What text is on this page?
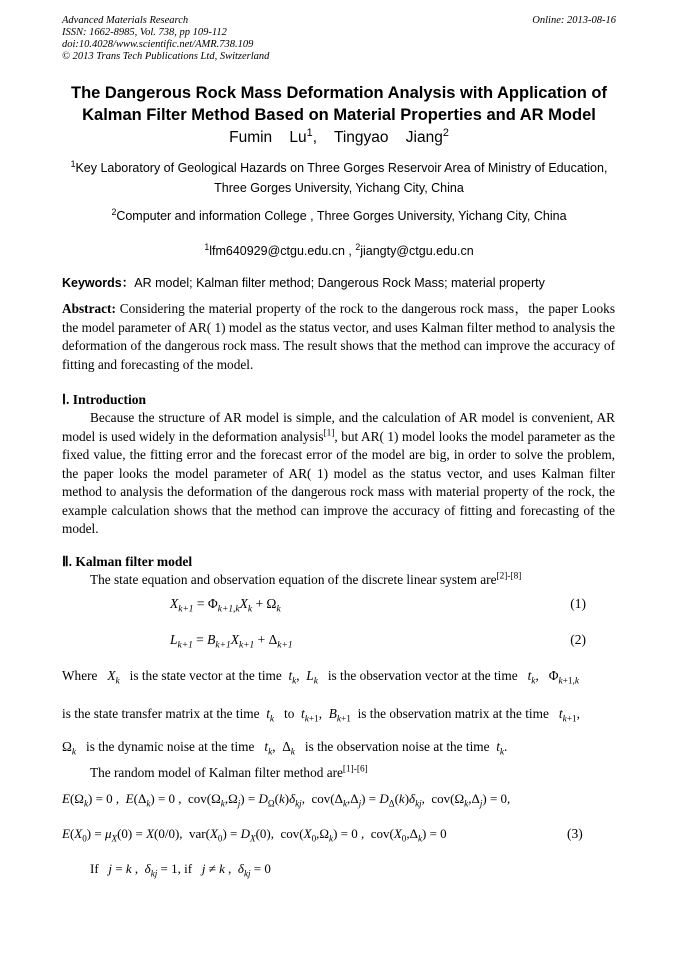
Advanced Materials Research
ISSN: 1662-8985, Vol. 738, pp 109-112
doi:10.4028/www.scientific.net/AMR.738.109
© 2013 Trans Tech Publications Ltd, Switzerland
Online: 2013-08-16
The Dangerous Rock Mass Deformation Analysis with Application of
Kalman Filter Method Based on Material Properties and AR Model
Fumin Lu$^1$, Tingyao Jiang$^2$
$^1$Key Laboratory of Geological Hazards on Three Gorges Reservoir Area of Ministry of Education,
Three Gorges University, Yichang City, China
$^2$Computer and information College , Three Gorges University, Yichang City, China
$^1$lfm640929@ctgu.edu.cn , $^2$jiangty@ctgu.edu.cn
Keywords：AR model; Kalman filter method; Dangerous Rock Mass; material property
Abstract: Considering the material property of the rock to the dangerous rock mass，the paper Looks the model parameter of AR( 1) model as the status vector, and uses Kalman filter method to analysis the deformation of the dangerous rock mass. The result shows that the method can improve the accuracy of fitting and forecasting of the model.
Ⅰ. Introduction
Because the structure of AR model is simple, and the calculation of AR model is convenient, AR model is used widely in the deformation analysis[1], but AR( 1) model looks the model parameter as the fixed value, the fitting error and the forecast error of the model are big, in order to solve the problem, the paper looks the model parameter of AR( 1) model as the status vector, and uses Kalman filter method to analysis the deformation of the dangerous rock mass with material property of the rock, the example calculation shows that the method can improve the accuracy of fitting and forecasting of the model.
Ⅱ. Kalman filter model
The state equation and observation equation of the discrete linear system are[2]-[8]
$X_{k+1} = \Phi_{k+1,k}X_k + \Omega_k$	(1)
$L_{k+1} = B_{k+1}X_{k+1} + \Delta_{k+1}$	(2)
Where $X_k$ is the state vector at the time $t_k$,  $L_k$ is the observation vector at the time $t_k$,   $\Phi_{k+1,k}$
is the state transfer matrix at the time $t_k$ to $t_{k+1}$,  $B_{k+1}$ is the observation matrix at the time $t_{k+1}$,
$\Omega_k$ is the dynamic noise at the time $t_k$,  $\Delta_k$ is the observation noise at the time $t_k$.
The random model of Kalman filter method are[1]-[6]
$E(\Omega_k) = 0$ ,  $E(\Delta_k) = 0$ ,  $cov(\Omega_k,\Omega_j) = D_\Omega(k)\delta_{kj}$,  $cov(\Delta_k,\Delta_j) = D_\Delta(k)\delta_{kj}$,  $cov(\Omega_k,\Delta_j) = 0$,
$E(X_0) = \mu_X(0) = X(0/0)$,  $var(X_0) = D_X(0)$,  $cov(X_0,\Omega_k) = 0$ ,  $cov(X_0,\Delta_k) = 0$	(3)
If   j = k ,  $\delta_{kj} = 1$, if   j ≠ k ,  $\delta_{kj} = 0$
